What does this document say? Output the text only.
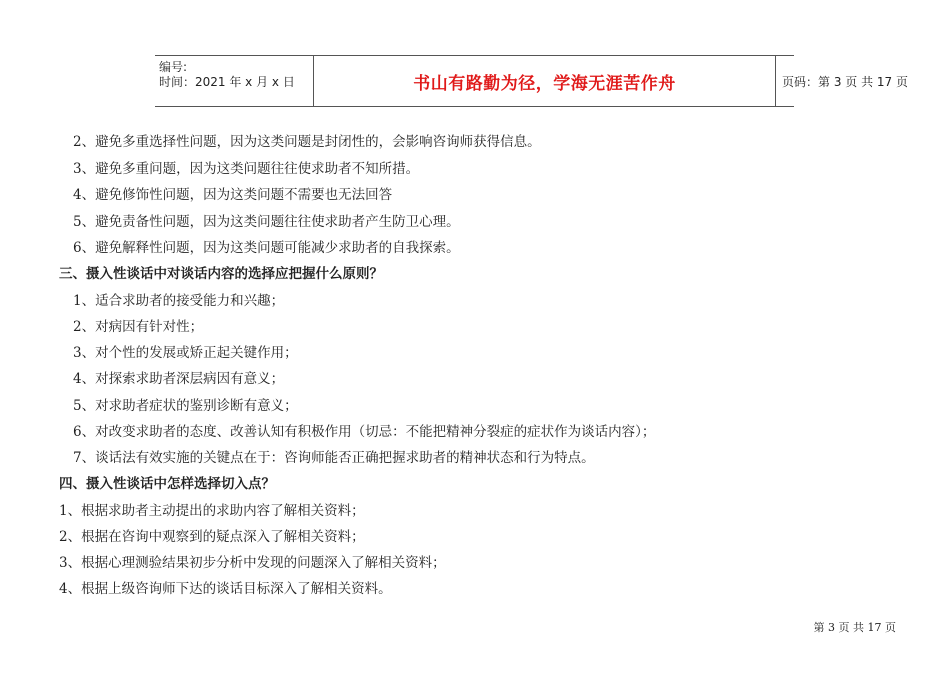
编号:
时间：2021 年 x 月 x 日	书山有路勤为径，学海无涯苦作舟	页码：第 3 页 共 17 页
2、避免多重选择性问题，因为这类问题是封闭性的，会影响咨询师获得信息。
3、避免多重问题，因为这类问题往往使求助者不知所措。
4、避免修饰性问题，因为这类问题不需要也无法回答
5、避免责备性问题，因为这类问题往往使求助者产生防卫心理。
6、避免解释性问题，因为这类问题可能减少求助者的自我探索。
三、摄入性谈话中对谈话内容的选择应把握什么原则？
1、适合求助者的接受能力和兴趣；
2、对病因有针对性；
3、对个性的发展或矫正起关键作用；
4、对探索求助者深层病因有意义；
5、对求助者症状的鉴别诊断有意义；
6、对改变求助者的态度、改善认知有积极作用（切忌：不能把精神分裂症的症状作为谈话内容）；
7、谈话法有效实施的关键点在于：咨询师能否正确把握求助者的精神状态和行为特点。
四、摄入性谈话中怎样选择切入点？
1、根据求助者主动提出的求助内容了解相关资料；
2、根据在咨询中观察到的疑点深入了解相关资料；
3、根据心理测验结果初步分析中发现的问题深入了解相关资料；
4、根据上级咨询师下达的谈话目标深入了解相关资料。
第 3 页 共 17 页
